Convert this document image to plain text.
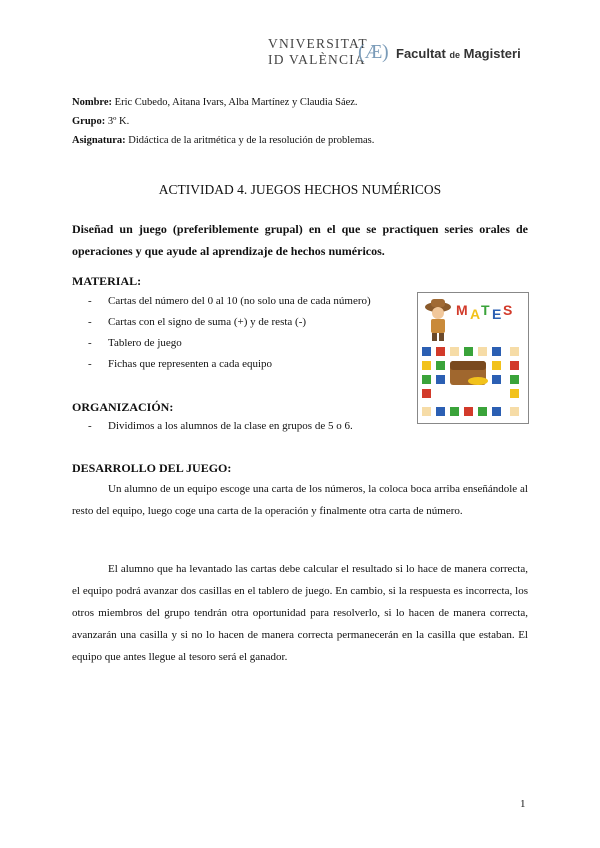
VNIVERSITAT
ID VALÈNCIA
(Æ ) Facultat de Magisteri
Nombre: Eric Cubedo, Aitana Ivars, Alba Martínez y Claudia Sáez.
Grupo: 3º K.
Asignatura: Didáctica de la aritmética y de la resolución de problemas.
ACTIVIDAD 4. JUEGOS HECHOS NUMÉRICOS
Diseñad un juego (preferiblemente grupal) en el que se practiquen series orales de operaciones y que ayude al aprendizaje de hechos numéricos.
MATERIAL:
- Cartas del número del 0 al 10 (no solo una de cada número)
- Cartas con el signo de suma (+) y de resta (-)
- Tablero de juego
- Fichas que representen a cada equipo
M A T E S
ORGANIZACIÓN:
- Dividimos a los alumnos de la clase en grupos de 5 o 6.
DESARROLLO DEL JUEGO:
Un alumno de un equipo escoge una carta de los números, la coloca boca arriba enseñándole al resto del equipo, luego coge una carta de la operación y finalmente otra carta de número.
El alumno que ha levantado las cartas debe calcular el resultado si lo hace de manera correcta, el equipo podrá avanzar dos casillas en el tablero de juego. En cambio, si la respuesta es incorrecta, los otros miembros del grupo tendrán otra oportunidad para resolverlo, si lo hacen de manera correcta, avanzarán una casilla y si no lo hacen de manera correcta permanecerán en la casilla que estaban. El equipo que antes llegue al tesoro será el ganador.
1
